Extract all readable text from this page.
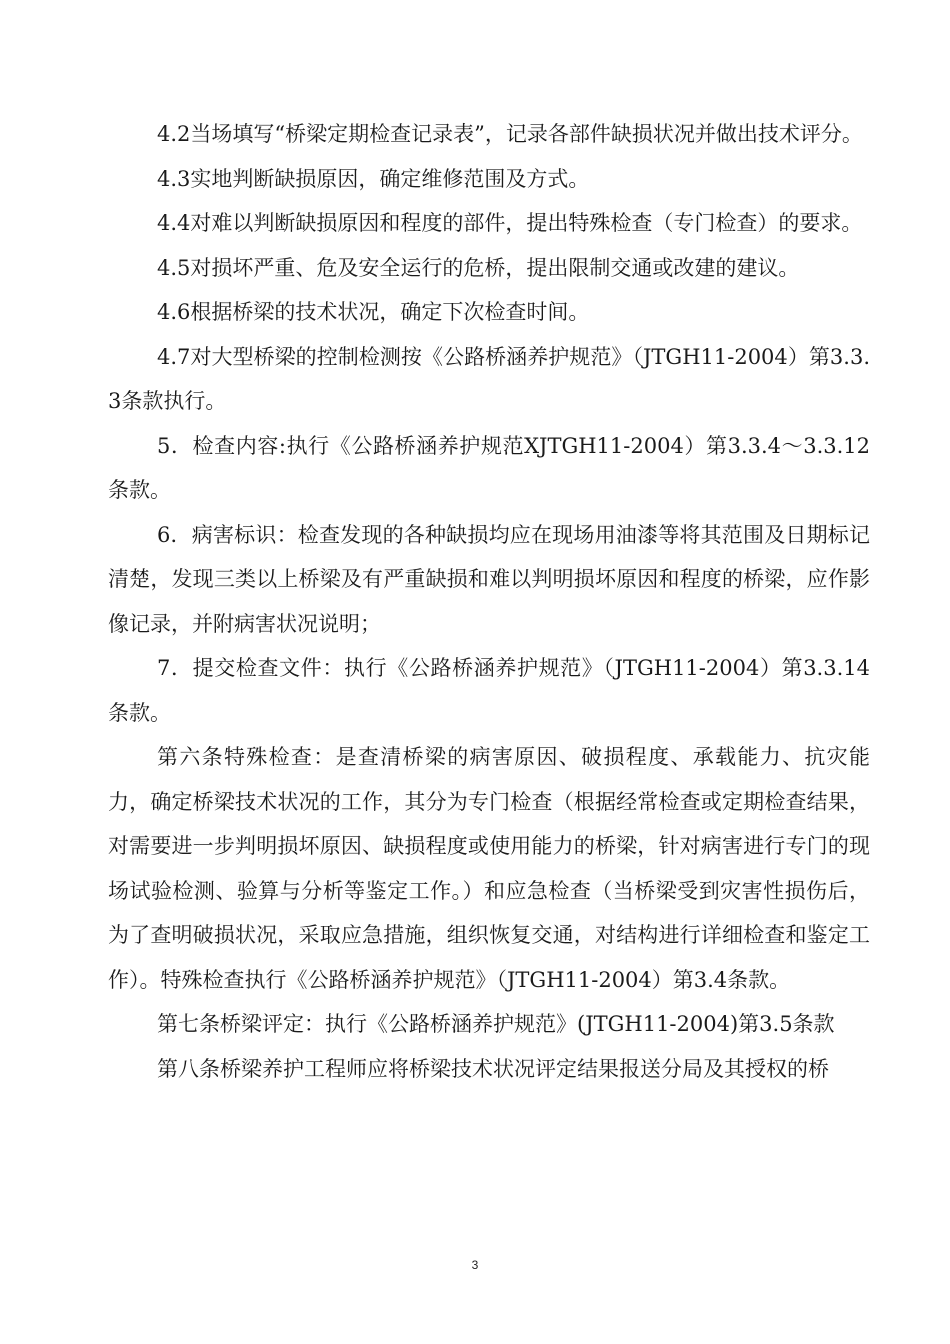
4.2当场填写“桥梁定期检查记录表”，记录各部件缺损状况并做出技术评分。

4.3实地判断缺损原因，确定维修范围及方式。

4.4对难以判断缺损原因和程度的部件，提出特殊检查（专门检查）的要求。

4.5对损坏严重、危及安全运行的危桥，提出限制交通或改建的建议。

4.6根据桥梁的技术状况，确定下次检查时间。

4.7对大型桥梁的控制检测按《公路桥涵养护规范》（JTGH11-2004）第3.3.3条款执行。

5．检查内容:执行《公路桥涵养护规范XJTGH11-2004）第3.3.4〜3.3.12条款。

6．病害标识：检查发现的各种缺损均应在现场用油漆等将其范围及日期标记清楚，发现三类以上桥梁及有严重缺损和难以判明损坏原因和程度的桥梁，应作影像记录，并附病害状况说明；

7．提交检查文件：执行《公路桥涵养护规范》（JTGH11-2004）第3.3.14条款。

第六条特殊检查：是查清桥梁的病害原因、破损程度、承载能力、抗灾能力，确定桥梁技术状况的工作，其分为专门检查（根据经常检查或定期检查结果，对需要进一步判明损坏原因、缺损程度或使用能力的桥梁，针对病害进行专门的现场试验检测、验算与分析等鉴定工作。）和应急检查（当桥梁受到灾害性损伤后，为了查明破损状况，采取应急措施，组织恢复交通，对结构进行详细检查和鉴定工作）。特殊检查执行《公路桥涵养护规范》（JTGH11-2004）第3.4条款。

第七条桥梁评定：执行《公路桥涵养护规范》(JTGH11-2004)第3.5条款

第八条桥梁养护工程师应将桥梁技术状况评定结果报送分局及其授权的桥

3
